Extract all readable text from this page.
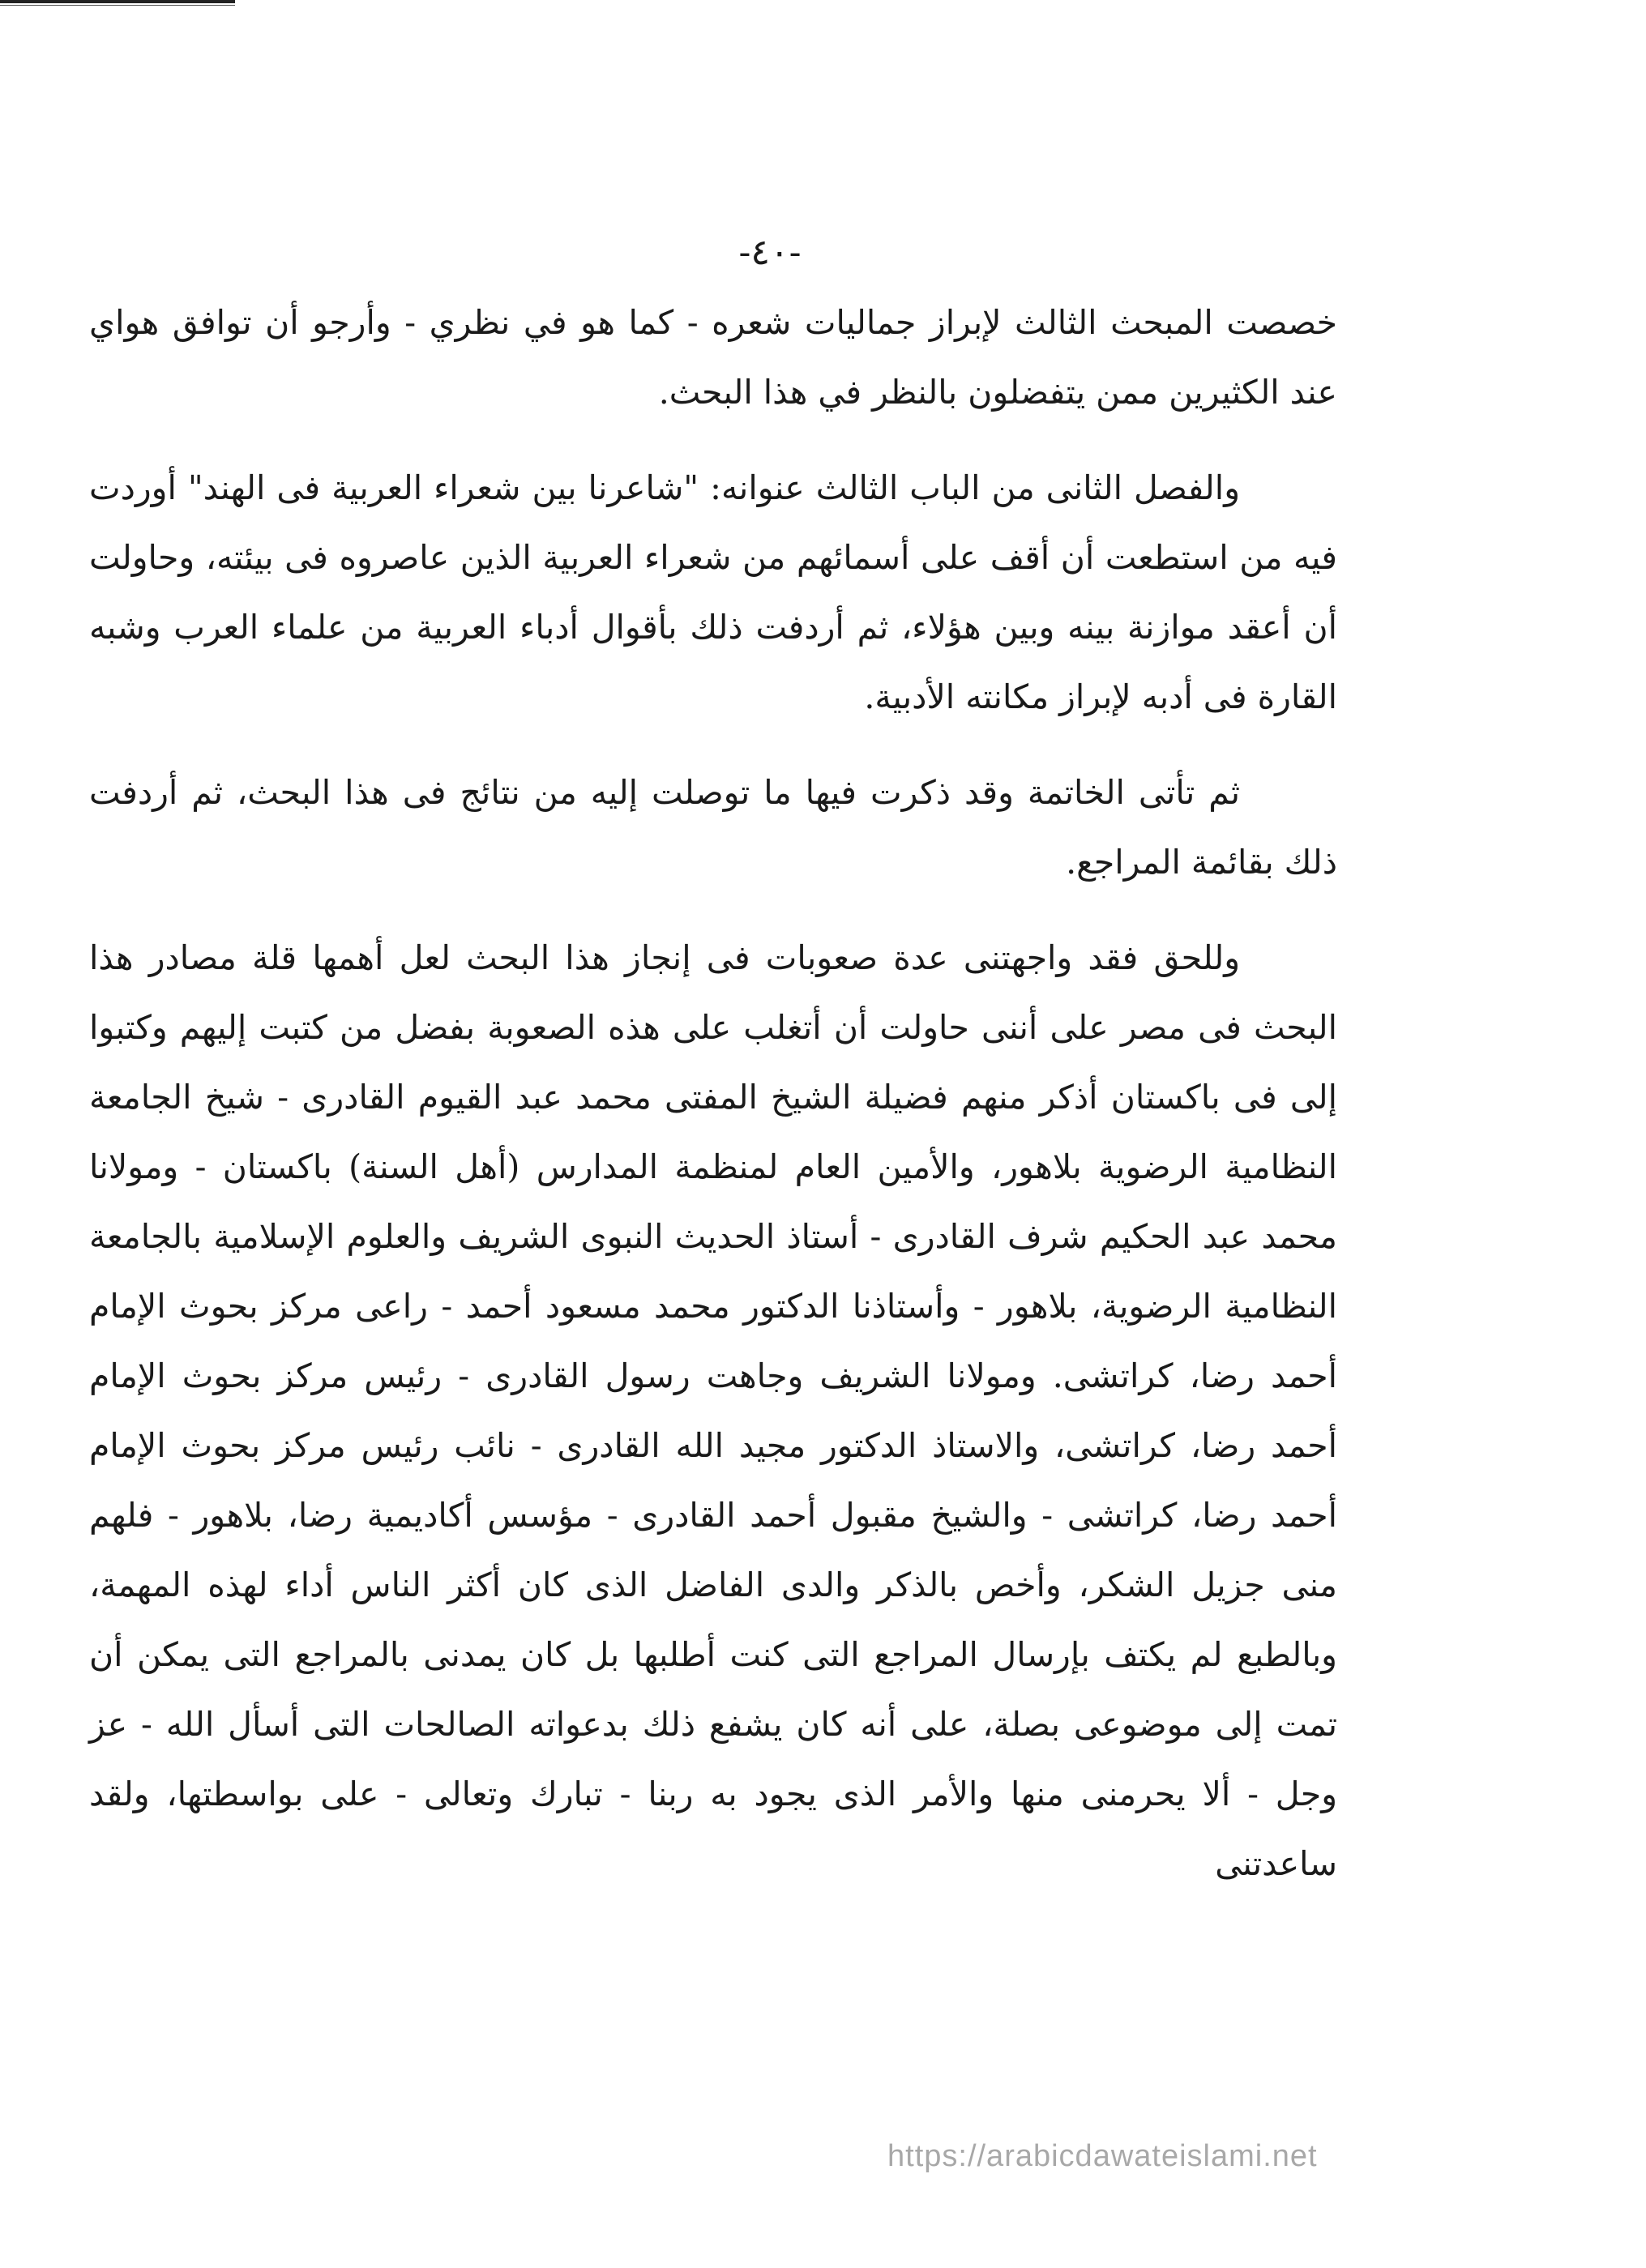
-٤٠-

خصصت المبحث الثالث لإبراز جماليات شعره - كما هو في نظري - وأرجو أن توافق هواي عند الكثيرين ممن يتفضلون بالنظر في هذا البحث.

والفصل الثانى من الباب الثالث عنوانه: "شاعرنا بين شعراء العربية فى الهند" أوردت فيه من استطعت أن أقف على أسمائهم من شعراء العربية الذين عاصروه فى بيئته، وحاولت أن أعقد موازنة بينه وبين هؤلاء، ثم أردفت ذلك بأقوال أدباء العربية من علماء العرب وشبه القارة فى أدبه لإبراز مكانته الأدبية.

ثم تأتى الخاتمة وقد ذكرت فيها ما توصلت إليه من نتائج فى هذا البحث، ثم أردفت ذلك بقائمة المراجع.

وللحق فقد واجهتنى عدة صعوبات فى إنجاز هذا البحث لعل أهمها قلة مصادر هذا البحث فى مصر على أننى حاولت أن أتغلب على هذه الصعوبة بفضل من كتبت إليهم وكتبوا إلى فى باكستان أذكر منهم فضيلة الشيخ المفتى محمد عبد القيوم القادرى - شيخ الجامعة النظامية الرضوية بلاهور، والأمين العام لمنظمة المدارس (أهل السنة) باكستان - ومولانا محمد عبد الحكيم شرف القادرى - أستاذ الحديث النبوى الشريف والعلوم الإسلامية بالجامعة النظامية الرضوية، بلاهور - وأستاذنا الدكتور محمد مسعود أحمد - راعى مركز بحوث الإمام أحمد رضا، كراتشى. ومولانا الشريف وجاهت رسول القادرى - رئيس مركز بحوث الإمام أحمد رضا، كراتشى، والاستاذ الدكتور مجيد الله القادرى - نائب رئيس مركز بحوث الإمام أحمد رضا، كراتشى - والشيخ مقبول أحمد القادرى - مؤسس أكاديمية رضا، بلاهور - فلهم منى جزيل الشكر، وأخص بالذكر والدى الفاضل الذى كان أكثر الناس أداء لهذه المهمة، وبالطبع لم يكتف بإرسال المراجع التى كنت أطلبها بل كان يمدنى بالمراجع التى يمكن أن تمت إلى موضوعى بصلة، على أنه كان يشفع ذلك بدعواته الصالحات التى أسأل الله - عز وجل - ألا يحرمنى منها والأمر الذى يجود به ربنا - تبارك وتعالى - على بواسطتها، ولقد ساعدتنى

https://arabicdawateislami.net
